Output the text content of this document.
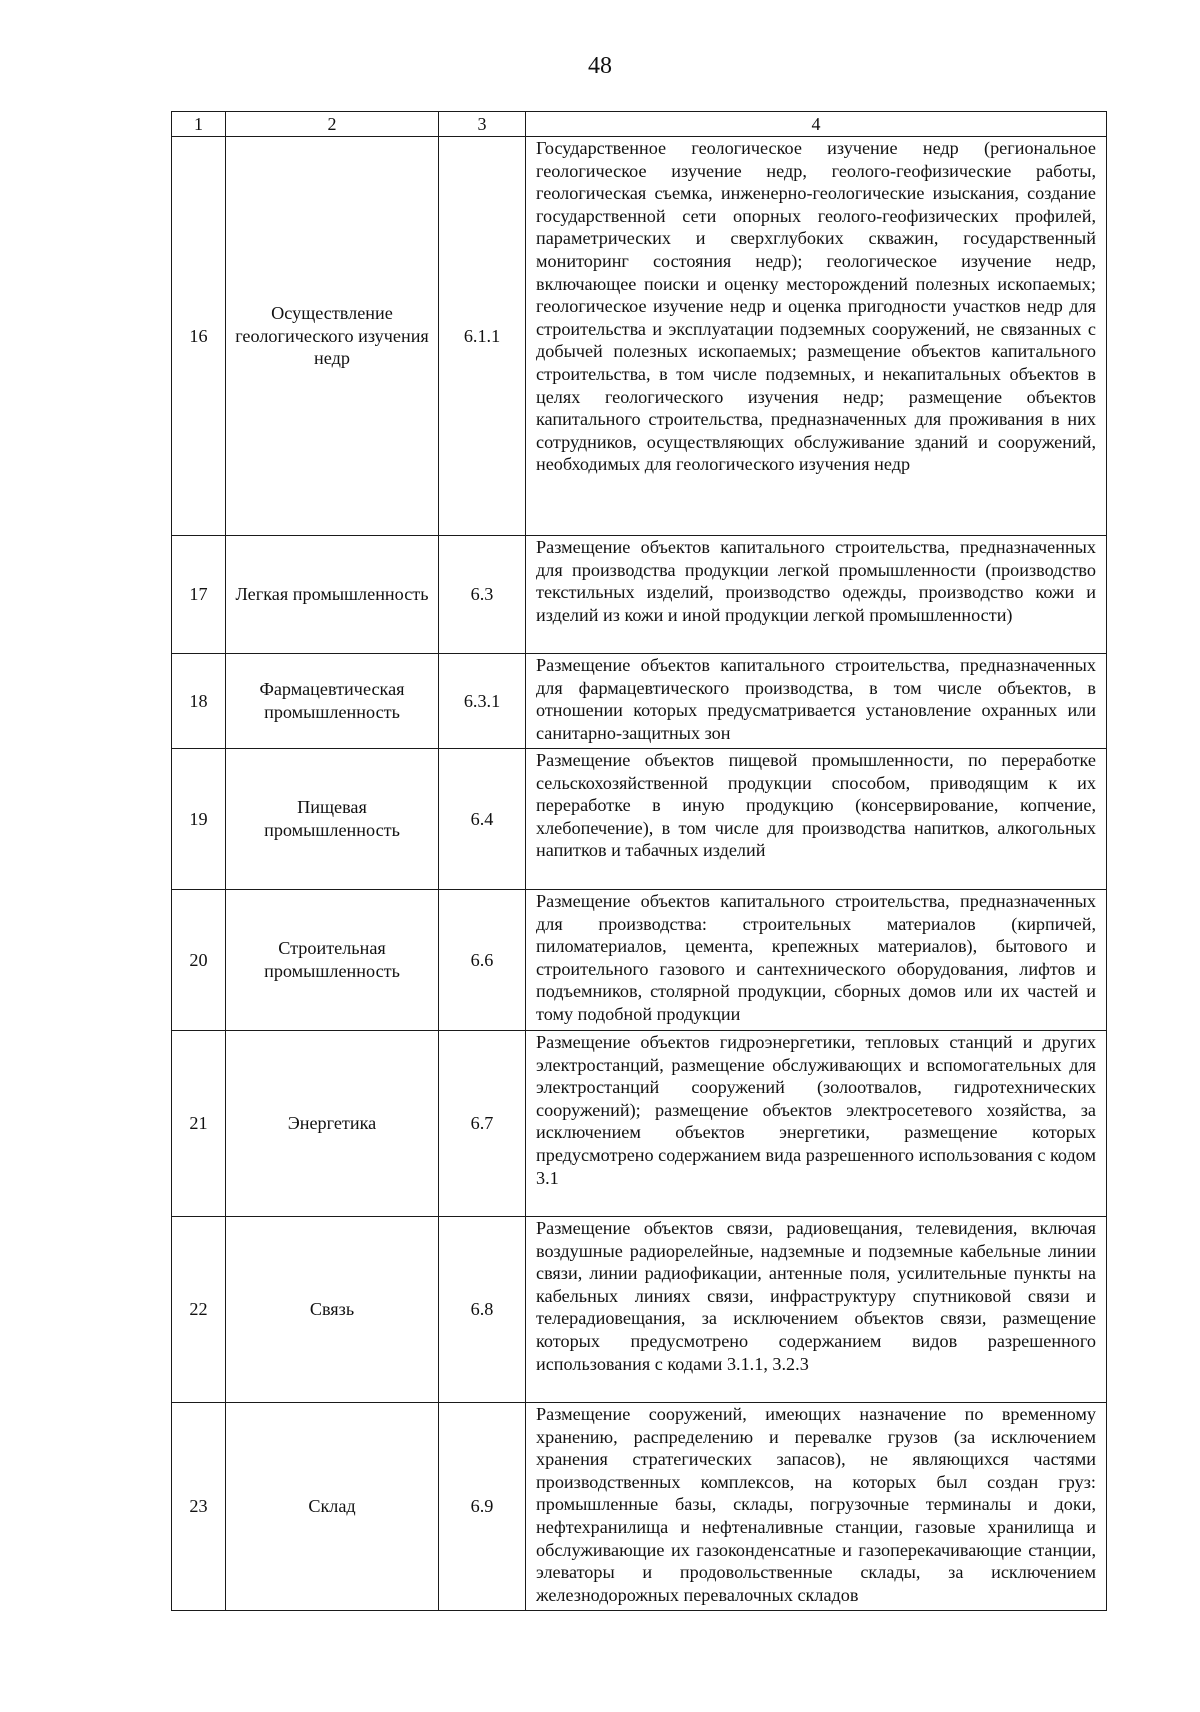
48
1	2	3	4
16	Осуществление геологического изучения недр	6.1.1	Государственное геологическое изучение недр (региональное геологическое изучение недр, геолого-геофизические работы, геологическая съемка, инженерно-геологические изыскания, создание государственной сети опорных геолого-геофизических профилей, параметрических и сверхглубоких скважин, государственный мониторинг состояния недр); геологическое изучение недр, включающее поиски и оценку месторождений полезных ископаемых; геологическое изучение недр и оценка пригодности участков недр для строительства и эксплуатации подземных сооружений, не связанных с добычей полезных ископаемых; размещение объектов капитального строительства, в том числе подземных, и некапитальных объектов в целях геологического изучения недр; размещение объектов капитального строительства, предназначенных для проживания в них сотрудников, осуществляющих обслуживание зданий и сооружений, необходимых для геологического изучения недр
17	Легкая промышленность	6.3	Размещение объектов капитального строительства, предназначенных для производства продукции легкой промышленности (производство текстильных изделий, производство одежды, производство кожи и изделий из кожи и иной продукции легкой промышленности)
18	Фармацевтическая промышленность	6.3.1	Размещение объектов капитального строительства, предназначенных для фармацевтического производства, в том числе объектов, в отношении которых предусматривается установление охранных или санитарно-защитных зон
19	Пищевая промышленность	6.4	Размещение объектов пищевой промышленности, по переработке сельскохозяйственной продукции способом, приводящим к их переработке в иную продукцию (консервирование, копчение, хлебопечение), в том числе для производства напитков, алкогольных напитков и табачных изделий
20	Строительная промышленность	6.6	Размещение объектов капитального строительства, предназначенных для производства: строительных материалов (кирпичей, пиломатериалов, цемента, крепежных материалов), бытового и строительного газового и сантехнического оборудования, лифтов и подъемников, столярной продукции, сборных домов или их частей и тому подобной продукции
21	Энергетика	6.7	Размещение объектов гидроэнергетики, тепловых станций и других электростанций, размещение обслуживающих и вспомогательных для электростанций сооружений (золоотвалов, гидротехнических сооружений); размещение объектов электросетевого хозяйства, за исключением объектов энергетики, размещение которых предусмотрено содержанием вида разрешенного использования с кодом 3.1
22	Связь	6.8	Размещение объектов связи, радиовещания, телевидения, включая воздушные радиорелейные, надземные и подземные кабельные линии связи, линии радиофикации, антенные поля, усилительные пункты на кабельных линиях связи, инфраструктуру спутниковой связи и телерадиовещания, за исключением объектов связи, размещение которых предусмотрено содержанием видов разрешенного использования с кодами 3.1.1, 3.2.3
23	Склад	6.9	Размещение сооружений, имеющих назначение по временному хранению, распределению и перевалке грузов (за исключением хранения стратегических запасов), не являющихся частями производственных комплексов, на которых был создан груз: промышленные базы, склады, погрузочные терминалы и доки, нефтехранилища и нефтеналивные станции, газовые хранилища и обслуживающие их газоконденсатные и газоперекачивающие станции, элеваторы и продовольственные склады, за исключением железнодорожных перевалочных складов
